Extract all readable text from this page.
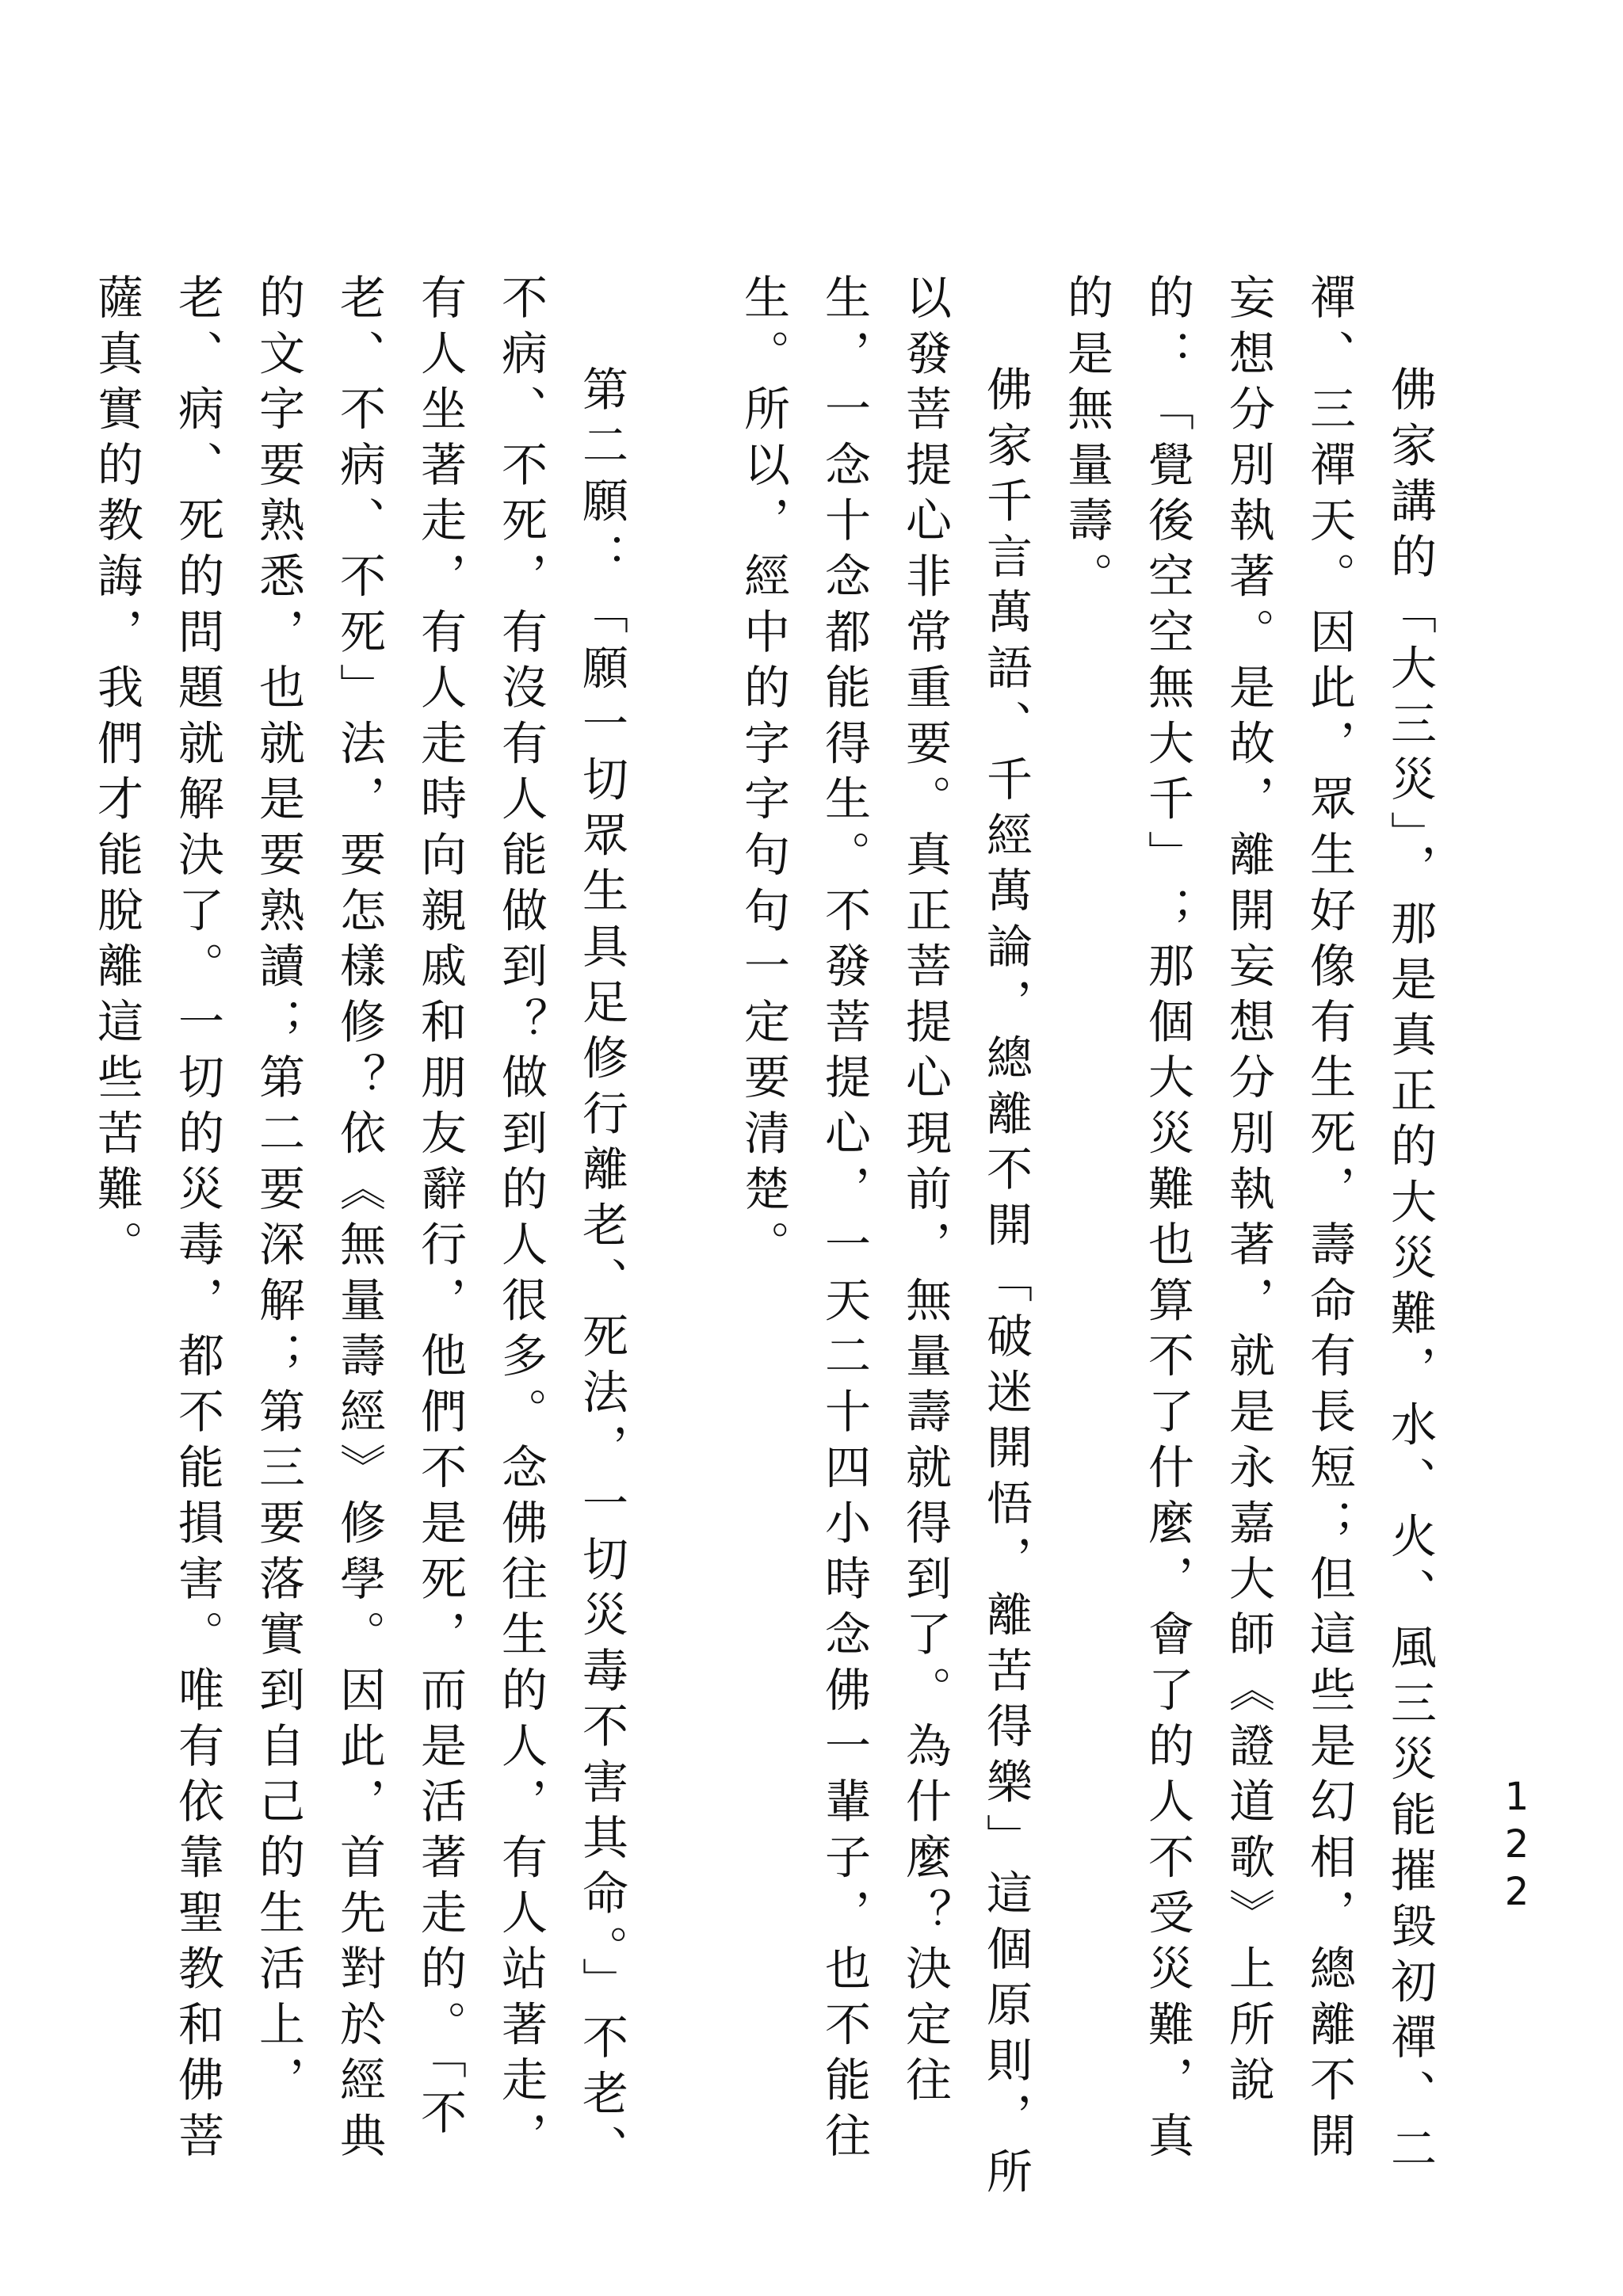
122

佛家講的「大三災」，那是真正的大災難，水、火、風三災能摧毀初禪、二禪、三禪天。因此，眾生好像有生死，壽命有長短；但這些是幻相，總離不開妄想分別執著。是故，離開妄想分別執著，就是永嘉大師《證道歌》上所說的：「覺後空空無大千」；那個大災難也算不了什麼，會了的人不受災難，真的是無量壽。

佛家千言萬語、千經萬論，總離不開「破迷開悟，離苦得樂」這個原則，所以發菩提心非常重要。真正菩提心現前，無量壽就得到了。為什麼？決定往生，一念十念都能得生。不發菩提心，一天二十四小時念佛一輩子，也不能往生。所以，經中的字字句句一定要清楚。

第二願：「願一切眾生具足修行離老、死法，一切災毒不害其命。」不老、不病、不死，有沒有人能做到？做到的人很多。念佛往生的人，有人站著走，有人坐著走，有人走時向親戚和朋友辭行，他們不是死，而是活著走的。「不老、不病、不死」法，要怎樣修？依《無量壽經》修學。因此，首先對於經典的文字要熟悉，也就是要熟讀；第二要深解；第三要落實到自己的生活上，老、病、死的問題就解決了。一切的災毒，都不能損害。唯有依靠聖教和佛菩薩真實的教誨，我們才能脫離這些苦難。
